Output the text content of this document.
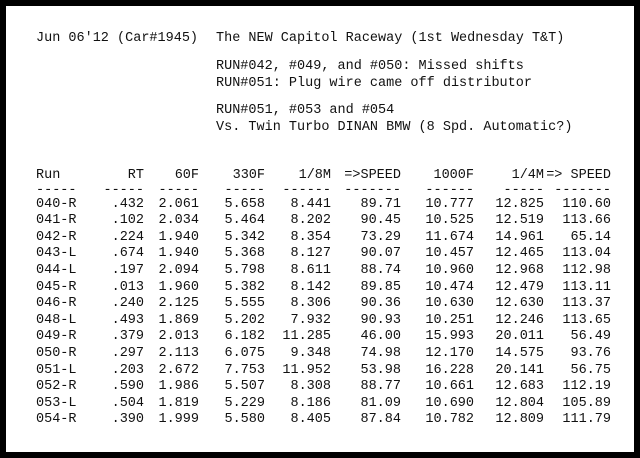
Jun 06'12 (Car#1945) The NEW Capitol Raceway (1st Wednesday T&T)
RUN#042, #049, and #050: Missed shifts
RUN#051: Plug wire came off distributor
RUN#051, #053 and #054
Vs. Twin Turbo DINAN BMW (8 Spd. Automatic?)
Run	RT	60F	330F	1/8M	=>SPEED	1000F	1/4M	=> SPEED
-----	-----	-----	-----	------	-------	------	-----	-------
040-R	.432	2.061	5.658	8.441	89.71	10.777	12.825	110.60
041-R	.102	2.034	5.464	8.202	90.45	10.525	12.519	113.66
042-R	.224	1.940	5.342	8.354	73.29	11.674	14.961	65.14
043-L	.674	1.940	5.368	8.127	90.07	10.457	12.465	113.04
044-L	.197	2.094	5.798	8.611	88.74	10.960	12.968	112.98
045-R	.013	1.960	5.382	8.142	89.85	10.474	12.479	113.11
046-R	.240	2.125	5.555	8.306	90.36	10.630	12.630	113.37
048-L	.493	1.869	5.202	7.932	90.93	10.251	12.246	113.65
049-R	.379	2.013	6.182	11.285	46.00	15.993	20.011	56.49
050-R	.297	2.113	6.075	9.348	74.98	12.170	14.575	93.76
051-L	.203	2.672	7.753	11.952	53.98	16.228	20.141	56.75
052-R	.590	1.986	5.507	8.308	88.77	10.661	12.683	112.19
053-L	.504	1.819	5.229	8.186	81.09	10.690	12.804	105.89
054-R	.390	1.999	5.580	8.405	87.84	10.782	12.809	111.79
